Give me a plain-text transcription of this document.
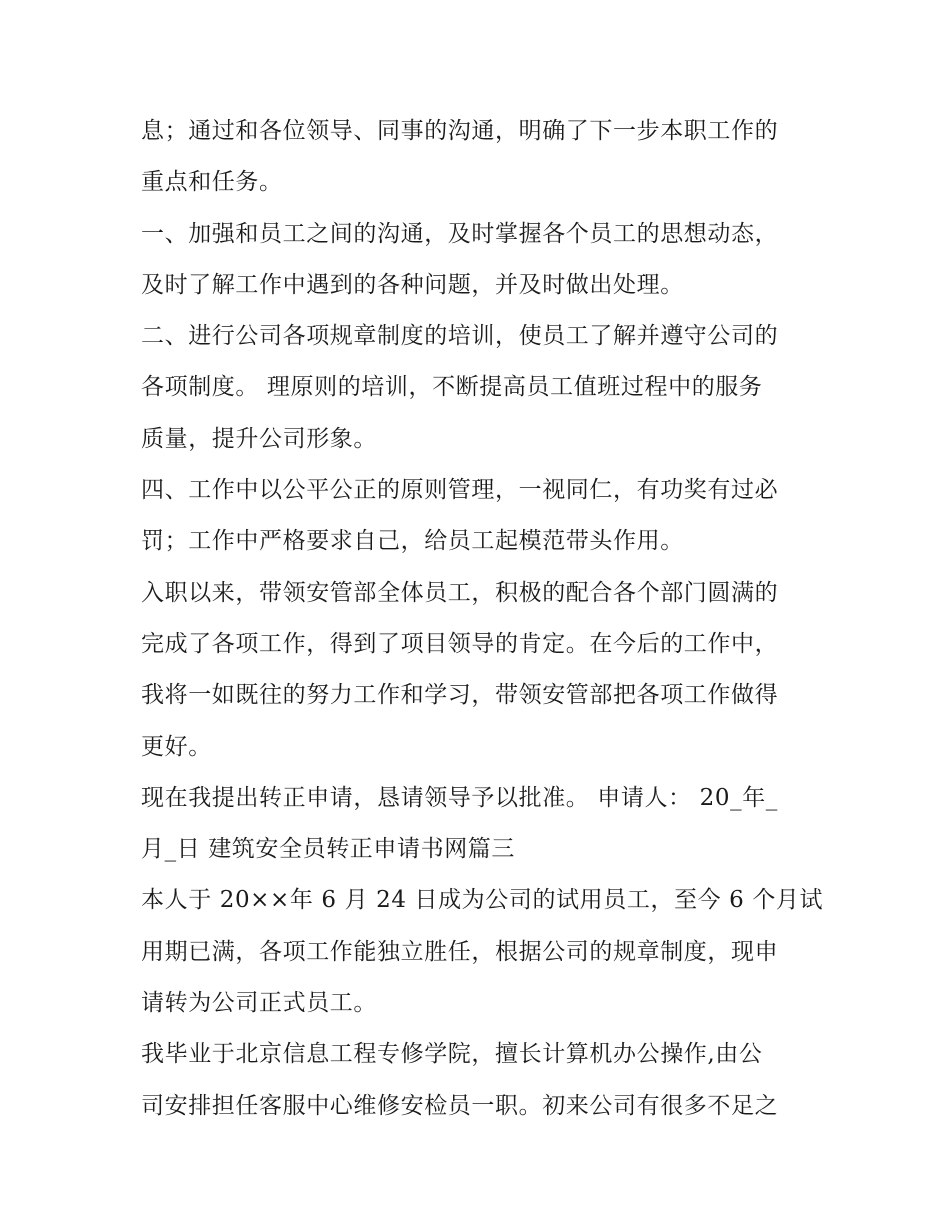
息；通过和各位领导、同事的沟通，明确了下一步本职工作的
重点和任务。
一、加强和员工之间的沟通，及时掌握各个员工的思想动态，
及时了解工作中遇到的各种问题，并及时做出处理。
二、进行公司各项规章制度的培训，使员工了解并遵守公司的
各项制度。 理原则的培训，不断提高员工值班过程中的服务
质量，提升公司形象。
四、工作中以公平公正的原则管理，一视同仁，有功奖有过必
罚；工作中严格要求自己，给员工起模范带头作用。
入职以来，带领安管部全体员工，积极的配合各个部门圆满的
完成了各项工作，得到了项目领导的肯定。在今后的工作中，
我将一如既往的努力工作和学习，带领安管部把各项工作做得
更好。
现在我提出转正申请，恳请领导予以批准。 申请人： 20_年_
月_日 建筑安全员转正申请书网篇三
本人于 20××年 6 月 24 日成为公司的试用员工，至今 6 个月试
用期已满，各项工作能独立胜任，根据公司的规章制度，现申
请转为公司正式员工。
我毕业于北京信息工程专修学院，擅长计算机办公操作,由公
司安排担任客服中心维修安检员一职。初来公司有很多不足之
